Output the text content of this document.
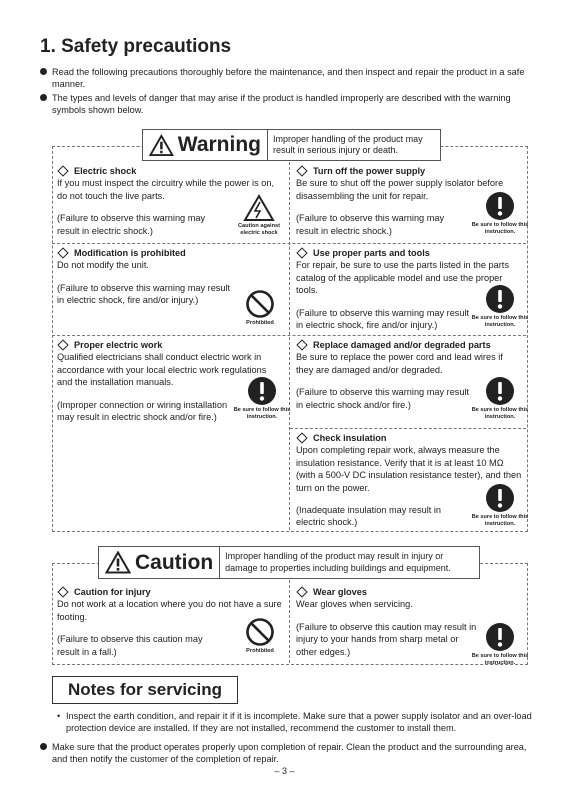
1. Safety precautions
Read the following precautions thoroughly before the maintenance, and then inspect and repair the product in a safe manner.
The types and levels of danger that may arise if the product is handled improperly are described with the warning symbols shown below.
Warning	Improper handling of the product may result in serious injury or death.
Electric shock

If you must inspect the circuitry while the power is on, do not touch the live parts.

(Failure to observe this warning may result in electric shock.)	Caution against electric shock
Turn off the power supply

Be sure to shut off the power supply isolator before disassembling the unit for repair.

(Failure to observe this warning may result in electric shock.)

Be sure to follow this instruction.
Modification is prohibited

Do not modify the unit.

(Failure to observe this warning may result in electric shock, fire and/or injury.)

Prohibited
Use proper parts and tools

For repair, be sure to use the parts listed in the parts catalog of the applicable model and use the proper tools.

(Failure to observe this warning may result in electric shock, fire and/or injury.)

Be sure to follow this instruction.
Proper electric work

Qualified electricians shall conduct electric work in accordance with your local electric work regulations and the installation manuals.

(Improper connection or wiring installation may result in electric shock and/or fire.)

Be sure to follow this instruction.
Replace damaged and/or degraded parts

Be sure to replace the power cord and lead wires if they are damaged and/or degraded.

(Failure to observe this warning may result in electric shock and/or fire.)

Be sure to follow this instruction.
Check insulation

Upon completing repair work, always measure the insulation resistance. Verify that it is at least 10 MΩ (with a 500-V DC insulation resistance tester), and then turn on the power.

(Inadequate insulation may result in electric shock.)

Be sure to follow this instruction.
Caution	Improper handling of the product may result in injury or damage to properties including buildings and equipment.
Caution for injury

Do not work at a location where you do not have a sure footing.

(Failure to observe this caution may result in a fall.)	Prohibited
Wear gloves

Wear gloves when servicing.

(Failure to observe this caution may result in injury to your hands from sharp metal or other edges.)	Be sure to follow this instruction.
Notes for servicing
• Inspect the earth condition, and repair it if it is incomplete. Make sure that a power supply isolator and an over-load protection device are installed. If they are not installed, recommend the customer to install them.
Make sure that the product operates properly upon completion of repair. Clean the product and the surrounding area, and then notify the customer of the completion of repair.
– 3 –
